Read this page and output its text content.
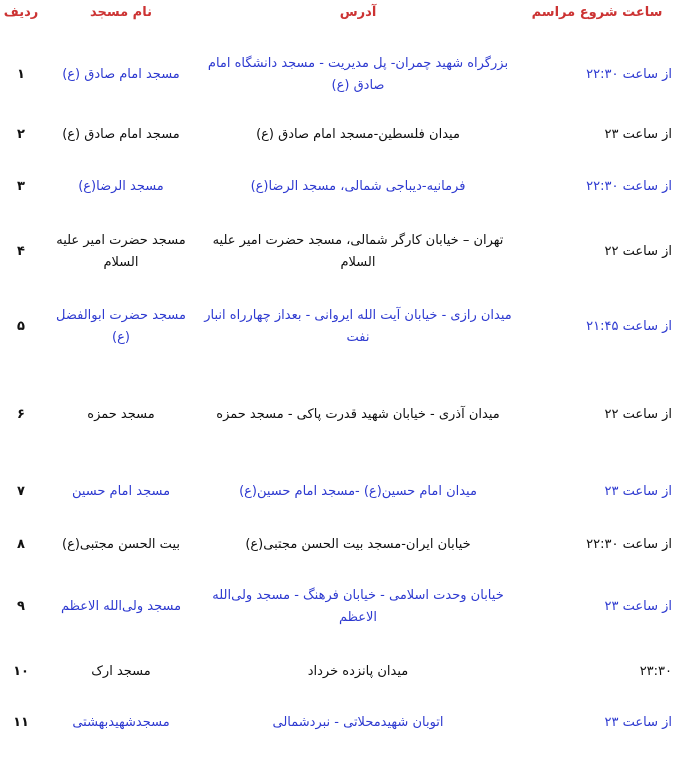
ساعت شروع مراسم
آدرس
نام مسجد
ردیف
از ساعت ۲۲:۳۰
بزرگراه شهید چمران- پل مدیریت - مسجد دانشگاه امام صادق (ع)
مسجد امام صادق (ع)
۱
از ساعت ۲۳
میدان فلسطین-مسجد امام صادق (ع)
مسجد امام صادق (ع)
۲
از ساعت ۲۲:۳۰
فرمانیه-دیباجی شمالی، مسجد الرضا(ع)
مسجد الرضا(ع)
۳
از ساعت ۲۲
تهران – خیابان کارگر شمالی، مسجد حضرت امیر علیه السلام
مسجد حضرت امیر علیه السلام
۴
از ساعت ۲۱:۴۵
میدان رازی - خیابان آیت الله ایروانی - بعداز چهارراه انبار نفت
مسجد حضرت ابوالفضل (ع)
۵
از ساعت ۲۲
میدان آذری - خیابان شهید قدرت پاکی - مسجد حمزه
مسجد حمزه
۶
از ساعت ۲۳
میدان امام حسین(ع) -مسجد امام حسین(ع)
مسجد امام حسین
۷
از ساعت ۲۲:۳۰
خیابان ایران-مسجد بیت الحسن مجتبی(ع)
بیت الحسن مجتبی(ع)
۸
از ساعت ۲۳
خیابان وحدت اسلامی - خیابان فرهنگ - مسجد ولی‌الله الاعظم
مسجد ولی‌الله الاعظم
۹
۲۳:۳۰
میدان پانزده خرداد
مسجد ارک
۱۰
از ساعت ۲۳
اتوبان شهیدمحلاتی - نبردشمالی
مسجدشهیدبهشتی
۱۱
